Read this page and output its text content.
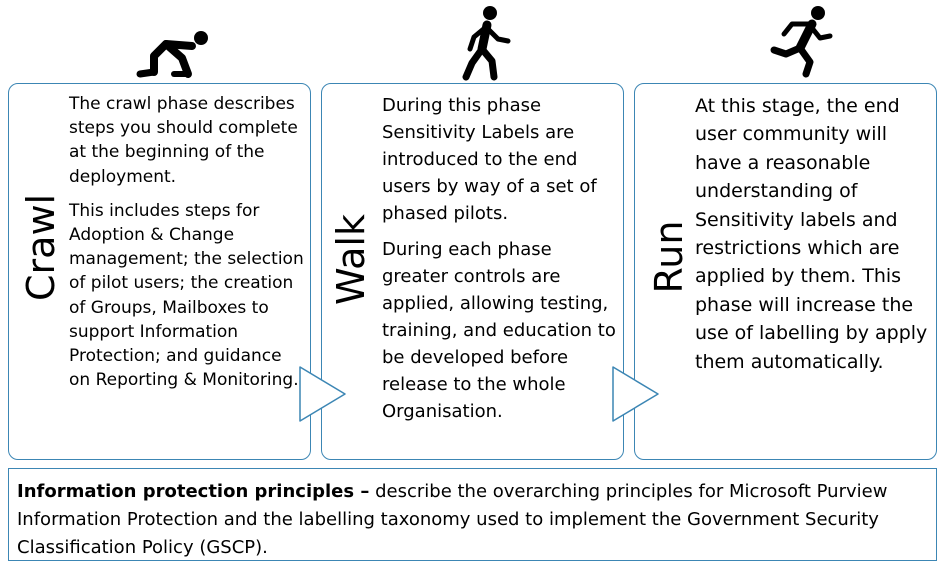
Crawl

The crawl phase describes steps you should complete at the beginning of the deployment.

This includes steps for Adoption & Change management; the selection of pilot users; the creation of Groups, Mailboxes to support Information Protection; and guidance on Reporting & Monitoring.

Walk

During this phase Sensitivity Labels are introduced to the end users by way of a set of phased pilots.

During each phase greater controls are applied, allowing testing, training, and education to be developed before release to the whole Organisation.

Run

At this stage, the end user community will have a reasonable understanding of Sensitivity labels and restrictions which are applied by them. This phase will increase the use of labelling by apply them automatically.

Information protection principles – describe the overarching principles for Microsoft Purview Information Protection and the labelling taxonomy used to implement the Government Security Classification Policy (GSCP).
